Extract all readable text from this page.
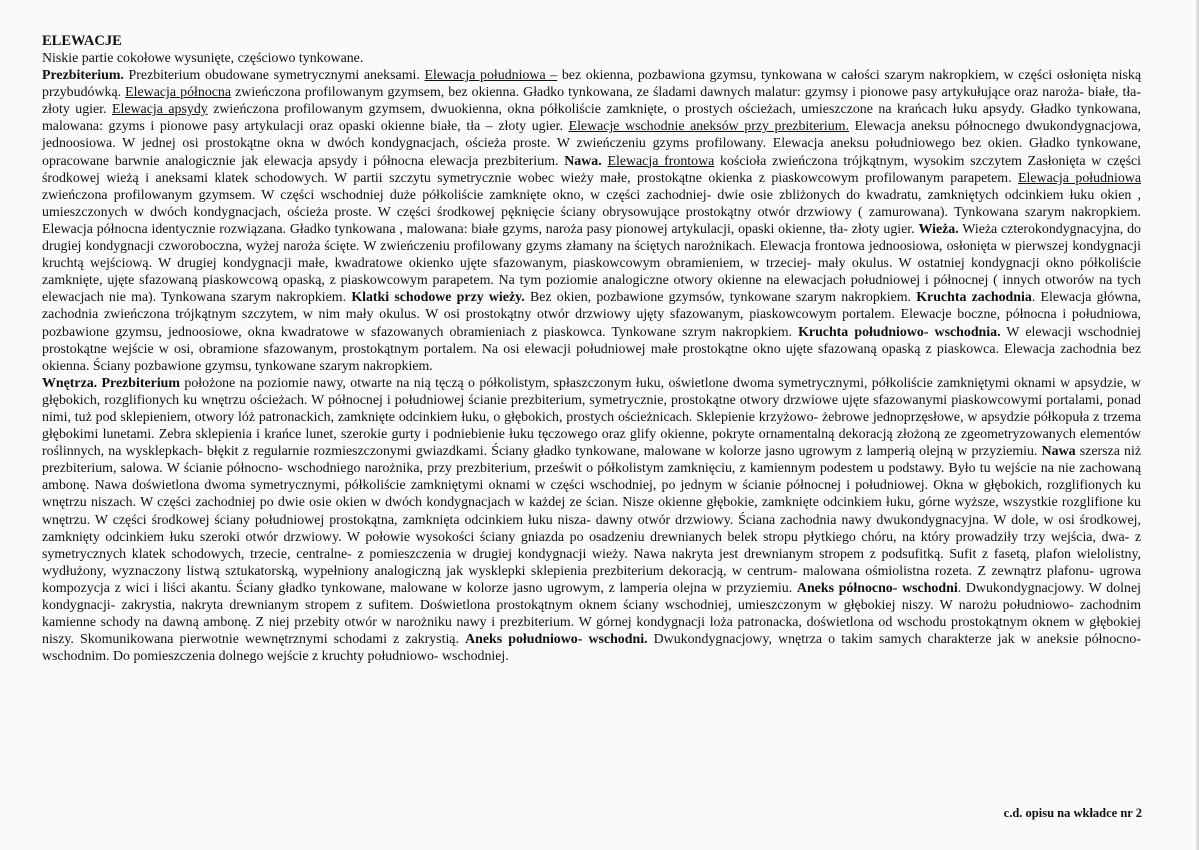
ELEWACJE

Niskie partie cokołowe wysunięte, częściowo tynkowane.

Prezbiterium. Prezbiterium obudowane symetrycznymi aneksami. Elewacja południowa – bez okienna, pozbawiona gzymsu, tynkowana w całości szarym nakropkiem, w części osłonięta niską przybudówką. Elewacja północna zwieńczona profilowanym gzymsem, bez okienna. Gładko tynkowana, ze śladami dawnych malatur: gzymsy i pionowe pasy artykułujące oraz naroża- białe, tła- złoty ugier. Elewacja apsydy zwieńczona profilowanym gzymsem, dwuokienna, okna półkoliście zamknięte, o prostych ościeżach, umieszczone na krańcach łuku apsydy. Gładko tynkowana, malowana: gzyms i pionowe pasy artykulacji oraz opaski okienne białe, tła – złoty ugier. Elewacje wschodnie aneksów przy prezbiterium. Elewacja aneksu północnego dwukondygnacjowa, jednoosiowa. W jednej osi prostokątne okna w dwóch kondygnacjach, ościeża proste. W zwieńczeniu gzyms profilowany. Elewacja aneksu południowego bez okien. Gładko tynkowane, opracowane barwnie analogicznie jak elewacja apsydy i północna elewacja prezbiterium. Nawa. Elewacja frontowa kościoła zwieńczona trójkątnym, wysokim szczytem Zasłonięta w części środkowej wieżą i aneksami klatek schodowych. W partii szczytu symetrycznie wobec wieży małe, prostokątne okienka z piaskowcowym profilowanym parapetem. Elewacja południowa zwieńczona profilowanym gzymsem. W części wschodniej duże półkoliście zamknięte okno, w części zachodniej- dwie osie zbliżonych do kwadratu, zamkniętych odcinkiem łuku okien , umieszczonych w dwóch kondygnacjach, ościeża proste. W części środkowej pęknięcie ściany obrysowujące prostokątny otwór drzwiowy ( zamurowana). Tynkowana szarym nakropkiem. Elewacja północna identycznie rozwiązana. Gładko tynkowana , malowana: białe gzyms, naroża pasy pionowej artykulacji, opaski okienne, tła- złoty ugier. Wieża. Wieża czterokondygnacyjna, do drugiej kondygnacji czworoboczna, wyżej naroża ścięte. W zwieńczeniu profilowany gzyms złamany na ściętych narożnikach. Elewacja frontowa jednoosiowa, osłonięta w pierwszej kondygnacji kruchtą wejściową. W drugiej kondygnacji małe, kwadratowe okienko ujęte sfazowanym, piaskowcowym obramieniem, w trzeciej- mały okulus. W ostatniej kondygnacji okno półkoliście zamknięte, ujęte sfazowaną piaskowcową opaską, z piaskowcowym parapetem. Na tym poziomie analogiczne otwory okienne na elewacjach południowej i północnej ( innych otworów na tych elewacjach nie ma). Tynkowana szarym nakropkiem. Klatki schodowe przy wieży. Bez okien, pozbawione gzymsów, tynkowane szarym nakropkiem. Kruchta zachodnia. Elewacja główna, zachodnia zwieńczona trójkątnym szczytem, w nim mały okulus. W osi prostokątny otwór drzwiowy ujęty sfazowanym, piaskowcowym portalem. Elewacje boczne, północna i południowa, pozbawione gzymsu, jednoosiowe, okna kwadratowe w sfazowanych obramieniach z piaskowca. Tynkowane szrym nakropkiem. Kruchta południowo- wschodnia. W elewacji wschodniej prostokątne wejście w osi, obramione sfazowanym, prostokątnym portalem. Na osi elewacji południowej małe prostokątne okno ujęte sfazowaną opaską z piaskowca. Elewacja zachodnia bez okienna. Ściany pozbawione gzymsu, tynkowane szarym nakropkiem.

Wnętrza. Prezbiterium położone na poziomie nawy, otwarte na nią tęczą o półkolistym, spłaszczonym łuku, oświetlone dwoma symetrycznymi, półkoliście zamkniętymi oknami w apsydzie, w głębokich, rozglifionych ku wnętrzu ościeżach. W północnej i południowej ścianie prezbiterium, symetrycznie, prostokątne otwory drzwiowe ujęte sfazowanymi piaskowcowymi portalami, ponad nimi, tuż pod sklepieniem, otwory lóż patronackich, zamknięte odcinkiem łuku, o głębokich, prostych ościeżnicach. Sklepienie krzyżowo- żebrowe jednoprzęsłowe, w apsydzie półkopuła z trzema głębokimi lunetami. Zebra sklepienia i krańce lunet, szerokie gurty i podniebienie łuku tęczowego oraz glify okienne, pokryte ornamentalną dekoracją złożoną ze zgeometryzowanych elementów roślinnych, na wysklepkach- błękit z regularnie rozmieszczonymi gwiazdkami. Ściany gładko tynkowane, malowane w kolorze jasno ugrowym z lamperią olejną w przyziemiu. Nawa szersza niż prezbiterium, salowa. W ścianie północno- wschodniego narożnika, przy prezbiterium, prześwit o półkolistym zamknięciu, z kamiennym podestem u podstawy. Było tu wejście na nie zachowaną ambonę. Nawa doświetlona dwoma symetrycznymi, półkoliście zamkniętymi oknami w części wschodniej, po jednym w ścianie północnej i południowej. Okna w głębokich, rozglifionych ku wnętrzu niszach. W części zachodniej po dwie osie okien w dwóch kondygnacjach w każdej ze ścian. Nisze okienne głębokie, zamknięte odcinkiem łuku, górne wyższe, wszystkie rozglifione ku wnętrzu. W części środkowej ściany południowej prostokątna, zamknięta odcinkiem łuku nisza- dawny otwór drzwiowy. Ściana zachodnia nawy dwukondygnacyjna. W dole, w osi środkowej, zamknięty odcinkiem łuku szeroki otwór drzwiowy. W połowie wysokości ściany gniazda po osadzeniu drewnianych belek stropu płytkiego chóru, na który prowadziły trzy wejścia, dwa- z symetrycznych klatek schodowych, trzecie, centralne- z pomieszczenia w drugiej kondygnacji wieży. Nawa nakryta jest drewnianym stropem z podsufitką. Sufit z fasetą, plafon wielolistny, wydłużony, wyznaczony listwą sztukatorską, wypełniony analogiczną jak wysklepki sklepienia prezbiterium dekoracją, w centrum- malowana ośmiolistna rozeta. Z zewnątrz plafonu- ugrowa kompozycja z wici i liści akantu. Ściany gładko tynkowane, malowane w kolorze jasno ugrowym, z lamperia olejna w przyziemiu. Aneks północno- wschodni. Dwukondygnacjowy. W dolnej kondygnacji- zakrystia, nakryta drewnianym stropem z sufitem. Doświetlona prostokątnym oknem ściany wschodniej, umieszczonym w głębokiej niszy. W narożu południowo- zachodnim kamienne schody na dawną ambonę. Z niej przebity otwór w narożniku nawy i prezbiterium. W górnej kondygnacji loża patronacka, doświetlona od wschodu prostokątnym oknem w głębokiej niszy. Skomunikowana pierwotnie wewnętrznymi schodami z zakrystią. Aneks południowo- wschodni. Dwukondygnacjowy, wnętrza o takim samych charakterze jak w aneksie północno- wschodnim. Do pomieszczenia dolnego wejście z kruchty południowo- wschodniej.

c.d. opisu na wkładce nr 2
